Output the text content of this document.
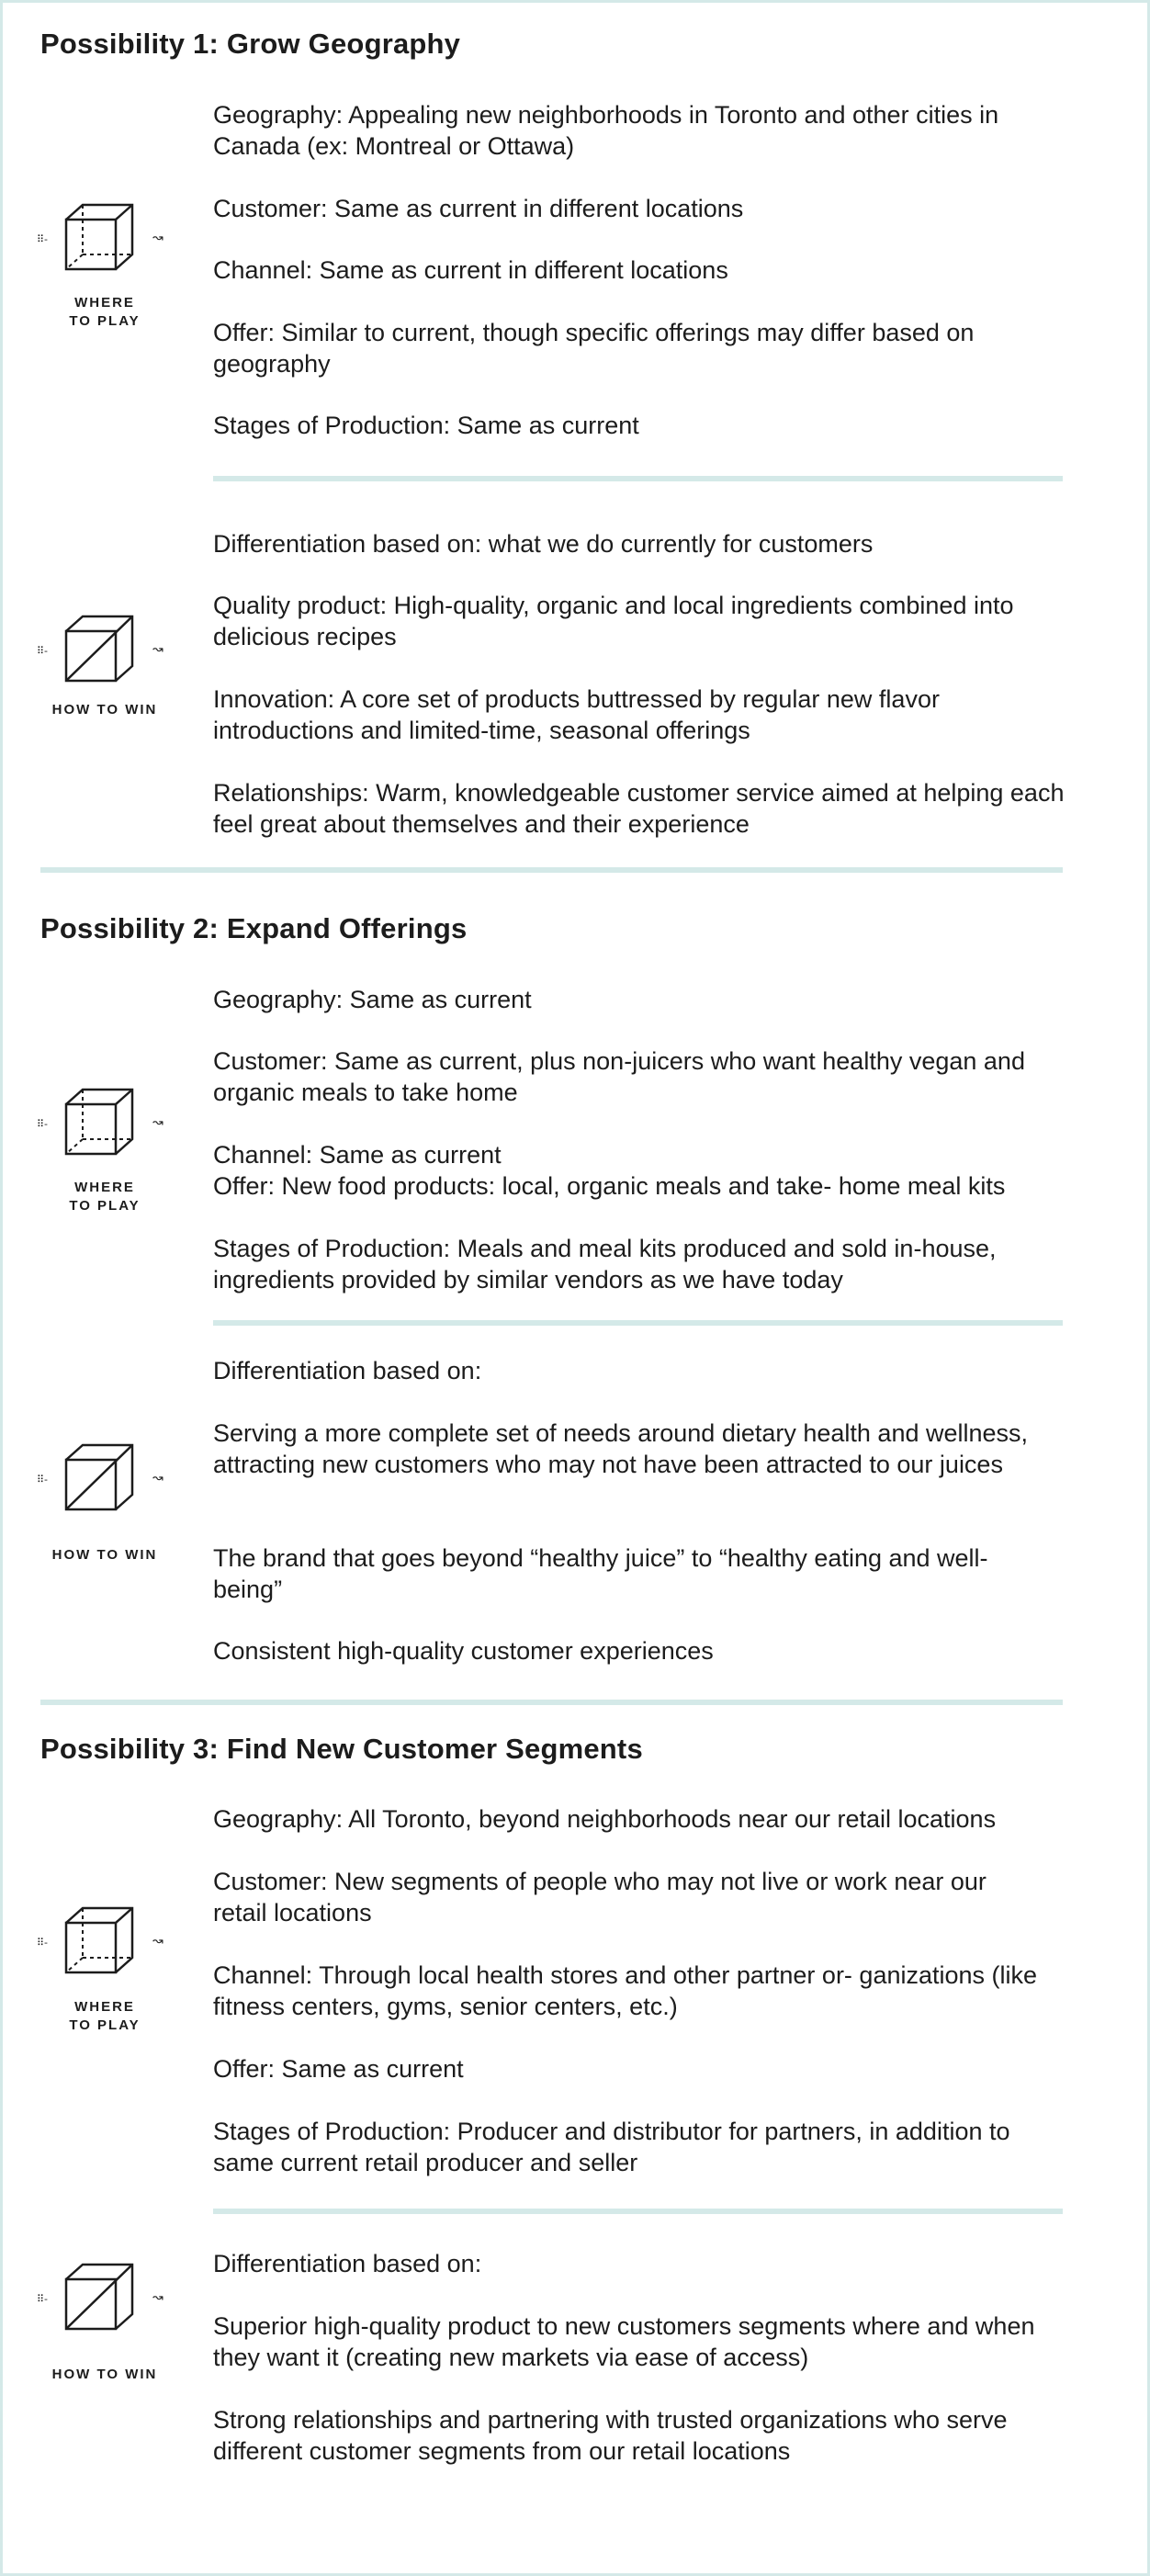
Possibility 1: Grow Geography
Geography: Appealing new neighborhoods in Toronto and other cities in Canada (ex: Montreal or Ottawa)
Customer: Same as current in different locations
Channel: Same as current in different locations
Offer: Similar to current, though specific offerings may differ based on geography
Stages of Production: Same as current
⠿-	↝
WHERE
TO PLAY
Differentiation based on: what we do currently for customers
Quality product: High-quality, organic and local ingredients combined into delicious recipes
Innovation: A core set of products buttressed by regular new flavor introductions and limited-time, seasonal offerings
Relationships: Warm, knowledgeable customer service aimed at helping each feel great about themselves and their experience
⠿-	↝
HOW TO WIN
Possibility 2: Expand Offerings
Geography: Same as current
Customer: Same as current, plus non-juicers who want healthy vegan and organic meals to take home
Channel: Same as current
Offer: New food products: local, organic meals and take- home meal kits
Stages of Production: Meals and meal kits produced and sold in-house, ingredients provided by similar vendors as we have today
⠿-	↝
WHERE
TO PLAY
Differentiation based on:
Serving a more complete set of needs around dietary health and wellness, attracting new customers who may not have been attracted to our juices
The brand that goes beyond “healthy juice” to “healthy eating and well-being”
Consistent high-quality customer experiences
⠿-	↝
HOW TO WIN
Possibility 3: Find New Customer Segments
Geography: All Toronto, beyond neighborhoods near our retail locations
Customer: New segments of people who may not live or work near our retail locations
Channel: Through local health stores and other partner or- ganizations (like fitness centers, gyms, senior centers, etc.)
Offer: Same as current
Stages of Production: Producer and distributor for partners, in addition to same current retail producer and seller
⠿-	↝
WHERE
TO PLAY
Differentiation based on:
Superior high-quality product to new customers segments where and when they want it (creating new markets via ease of access)
Strong relationships and partnering with trusted organizations who serve different customer segments from our retail locations
⠿-	↝
HOW TO WIN
